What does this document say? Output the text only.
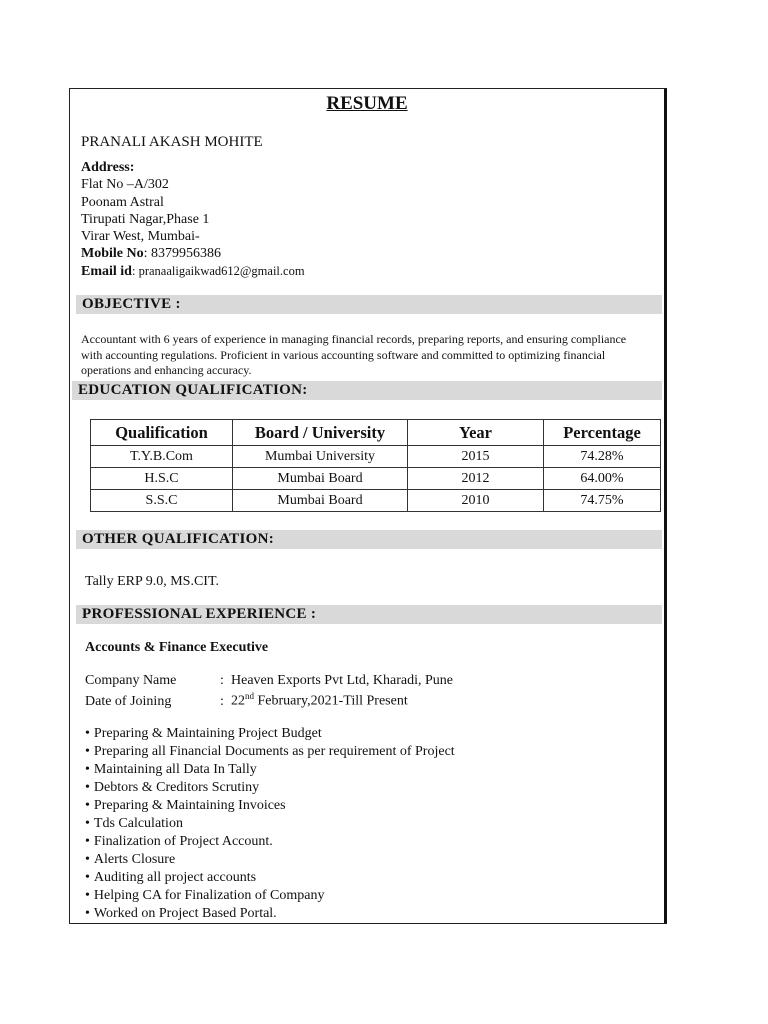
RESUME
PRANALI AKASH MOHITE
Address:
Flat No –A/302
Poonam Astral
Tirupati Nagar,Phase 1
Virar West, Mumbai-
Mobile No: 8379956386
Email id: pranaaligaikwad612@gmail.com
OBJECTIVE :
Accountant with 6 years of experience in managing financial records, preparing reports, and ensuring compliance with accounting regulations. Proficient in various accounting software and committed to optimizing financial operations and enhancing accuracy.
EDUCATION QUALIFICATION:
Qualification	Board / University	Year	Percentage
T.Y.B.Com	Mumbai University	2015	74.28%
H.S.C	Mumbai Board	2012	64.00%
S.S.C	Mumbai Board	2010	74.75%
OTHER QUALIFICATION:
Tally ERP 9.0, MS.CIT.
PROFESSIONAL EXPERIENCE :
Accounts & Finance Executive
Company Name	: Heaven Exports Pvt Ltd, Kharadi, Pune
Date of Joining	: 22nd February,2021-Till Present
• Preparing & Maintaining Project Budget
• Preparing all Financial Documents as per requirement of Project
• Maintaining all Data In Tally
• Debtors & Creditors Scrutiny
• Preparing & Maintaining Invoices
• Tds Calculation
• Finalization of Project Account.
• Alerts Closure
• Auditing all project accounts
• Helping CA for Finalization of Company
• Worked on Project Based Portal.
